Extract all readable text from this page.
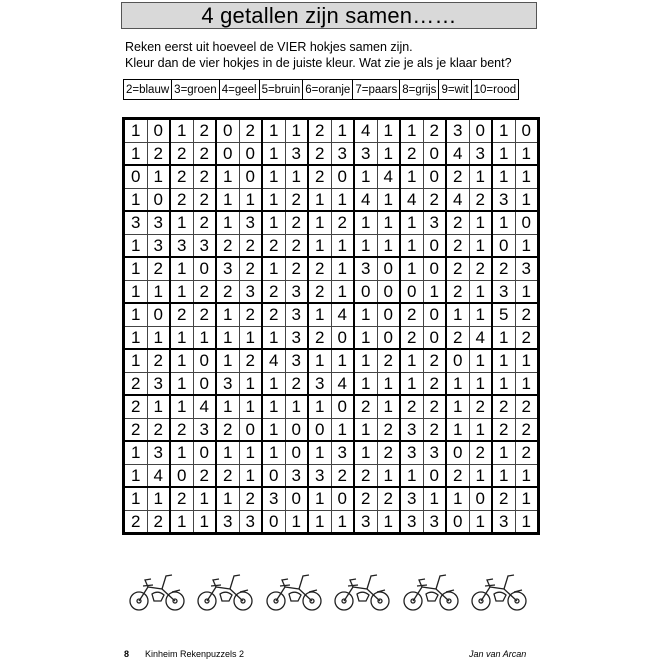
4 getallen zijn samen……
Reken eerst uit hoeveel de VIER hokjes samen zijn.
Kleur dan de vier hokjes in de juiste kleur. Wat zie je als je klaar bent?
2=blauw 3=groen 4=geel 5=bruin 6=oranje 7=paars 8=grijs 9=wit 10=rood
1	0	1	2	0	2	1	1	2	1	4	1	1	2	3	0	1	0
1	2	2	2	0	0	1	3	2	3	3	1	2	0	4	3	1	1
0	1	2	2	1	0	1	1	2	0	1	4	1	0	2	1	1	1
1	0	2	2	1	1	1	2	1	1	4	1	4	2	4	2	3	1
3	3	1	2	1	3	1	2	1	2	1	1	1	3	2	1	1	0
1	3	3	3	2	2	2	2	1	1	1	1	1	0	2	1	0	1
1	2	1	0	3	2	1	2	2	1	3	0	1	0	2	2	2	3
1	1	1	2	2	3	2	3	2	1	0	0	0	1	2	1	3	1
1	0	2	2	1	2	2	3	1	4	1	0	2	0	1	1	5	2
1	1	1	1	1	1	1	3	2	0	1	0	2	0	2	4	1	2
1	2	1	0	1	2	4	3	1	1	1	2	1	2	0	1	1	1
2	3	1	0	3	1	1	2	3	4	1	1	1	2	1	1	1	1
2	1	1	4	1	1	1	1	1	0	2	1	2	2	1	2	2	2
2	2	2	3	2	0	1	0	0	1	1	2	3	2	1	1	2	2
1	3	1	0	1	1	1	0	1	3	1	2	3	3	0	2	1	2
1	4	0	2	2	1	0	3	3	2	2	1	1	0	2	1	1	1
1	1	2	1	1	2	3	0	1	0	2	2	3	1	1	0	2	1
2	2	1	1	3	3	0	1	1	1	3	1	3	3	0	1	3	1
8 Kinheim Rekenpuzzels 2	Jan van Arcan
